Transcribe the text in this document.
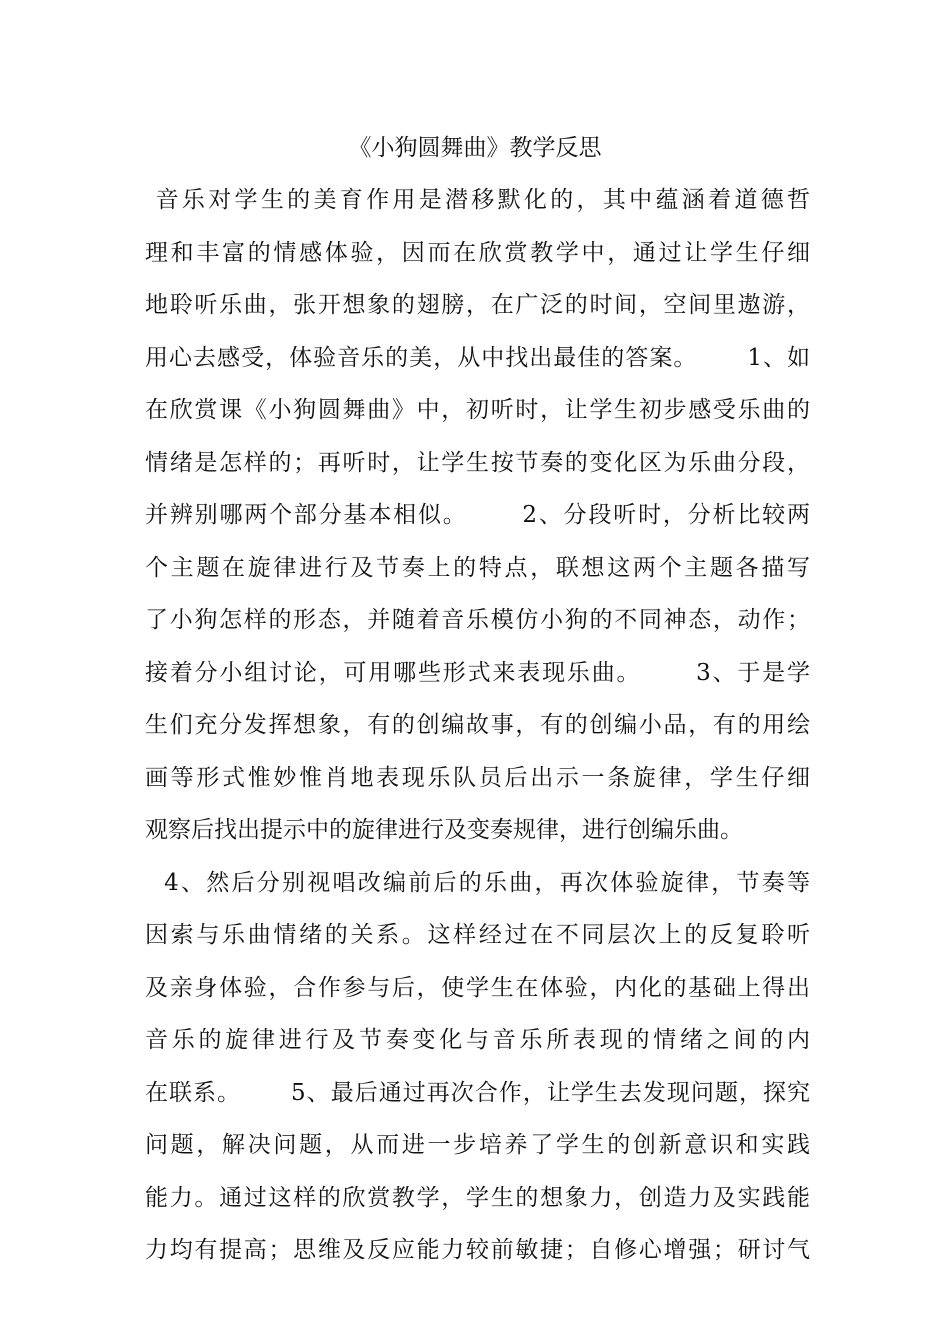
《小狗圆舞曲》教学反思
音乐对学生的美育作用是潜移默化的，其中蕴涵着道德哲
理和丰富的情感体验，因而在欣赏教学中，通过让学生仔细
地聆听乐曲，张开想象的翅膀，在广泛的时间，空间里遨游，
用心去感受，体验音乐的美，从中找出最佳的答案。      1、如
在欣赏课《小狗圆舞曲》中，初听时，让学生初步感受乐曲的
情绪是怎样的；再听时，让学生按节奏的变化区为乐曲分段，
并辨别哪两个部分基本相似。      2、分段听时，分析比较两
个主题在旋律进行及节奏上的特点，联想这两个主题各描写
了小狗怎样的形态，并随着音乐模仿小狗的不同神态，动作；
接着分小组讨论，可用哪些形式来表现乐曲。      3、于是学
生们充分发挥想象，有的创编故事，有的创编小品，有的用绘
画等形式惟妙惟肖地表现乐队员后出示一条旋律，学生仔细
观察后找出提示中的旋律进行及变奏规律，进行创编乐曲。
4、然后分别视唱改编前后的乐曲，再次体验旋律，节奏等
因索与乐曲情绪的关系。这样经过在不同层次上的反复聆听
及亲身体验，合作参与后，使学生在体验，内化的基础上得出
音乐的旋律进行及节奏变化与音乐所表现的情绪之间的内
在联系。      5、最后通过再次合作，让学生去发现问题，探究
问题，解决问题，从而进一步培养了学生的创新意识和实践
能力。通过这样的欣赏教学，学生的想象力，创造力及实践能
力均有提高；思维及反应能力较前敏捷；自修心增强；研讨气
